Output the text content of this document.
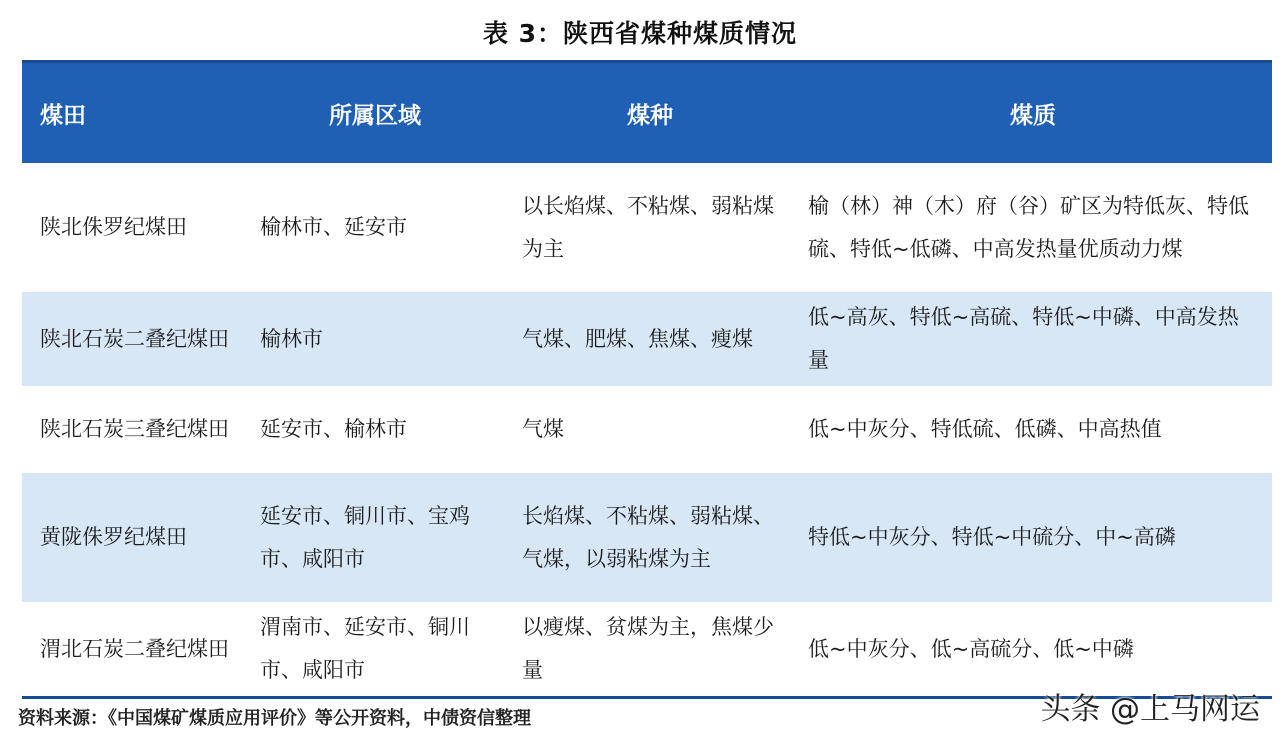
表 3：陕西省煤种煤质情况
煤田	所属区域	煤种	煤质
陕北侏罗纪煤田	榆林市、延安市	以长焰煤、不粘煤、弱粘煤为主	榆（林）神（木）府（谷）矿区为特低灰、特低硫、特低~低磷、中高发热量优质动力煤
陕北石炭二叠纪煤田	榆林市	气煤、肥煤、焦煤、瘦煤	低~高灰、特低~高硫、特低~中磷、中高发热量
陕北石炭三叠纪煤田	延安市、榆林市	气煤	低~中灰分、特低硫、低磷、中高热值
黄陇侏罗纪煤田	延安市、铜川市、宝鸡市、咸阳市	长焰煤、不粘煤、弱粘煤、气煤，以弱粘煤为主	特低~中灰分、特低~中硫分、中~高磷
渭北石炭二叠纪煤田	渭南市、延安市、铜川市、咸阳市	以瘦煤、贫煤为主，焦煤少量	低~中灰分、低~高硫分、低~中磷
资料来源：《中国煤矿煤质应用评价》等公开资料，中债资信整理	头条 @上马网运
